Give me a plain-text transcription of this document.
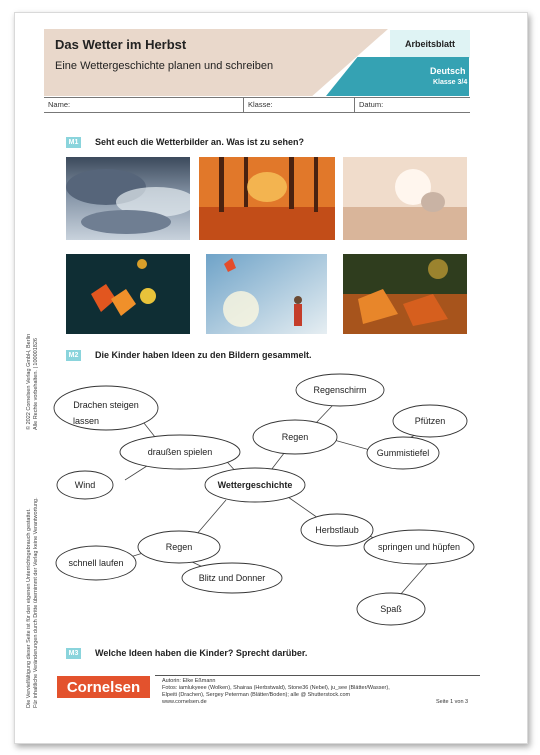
Das Wetter im Herbst
Eine Wettergeschichte planen und schreiben
Arbeitsblatt
Deutsch
Klasse 3/4
Name:	Klasse:	Datum:
M1 Seht euch die Wetterbilder an. Was ist zu sehen?
M2 Die Kinder haben Ideen zu den Bildern gesammelt.
Drachen steigen
lassen
draußen spielen
Wind
Regenschirm
Regen
Pfützen
Gummistiefel
Wettergeschichte
Herbstlaub
springen und hüpfen
Spaß
Regen
schnell laufen
Blitz und Donner
M3 Welche Ideen haben die Kinder? Sprecht darüber.
© 2022 Cornelsen Verlag GmbH, Berlin Alle Rechte vorbehalten. | 100001826
Die Vervielfältigung dieser Seite ist für den eigenen Unterrichtsgebrauch gestattet. Für inhaltliche Veränderungen durch Dritte übernimmt der Verlag keine Verantwortung.	Cornelsen	Autorin: Elke Eßmann
Fotos: iamlukyeee (Wolken), Shairaa (Herbstwald), Stone36 (Nebel), ju_see (Blätter/Wasser),
Elpeiti (Drachen), Sergey Peterman (Blätter/Boden); alle @ Shutterstock.com
www.cornelsen.de	Seite 1 von 3
